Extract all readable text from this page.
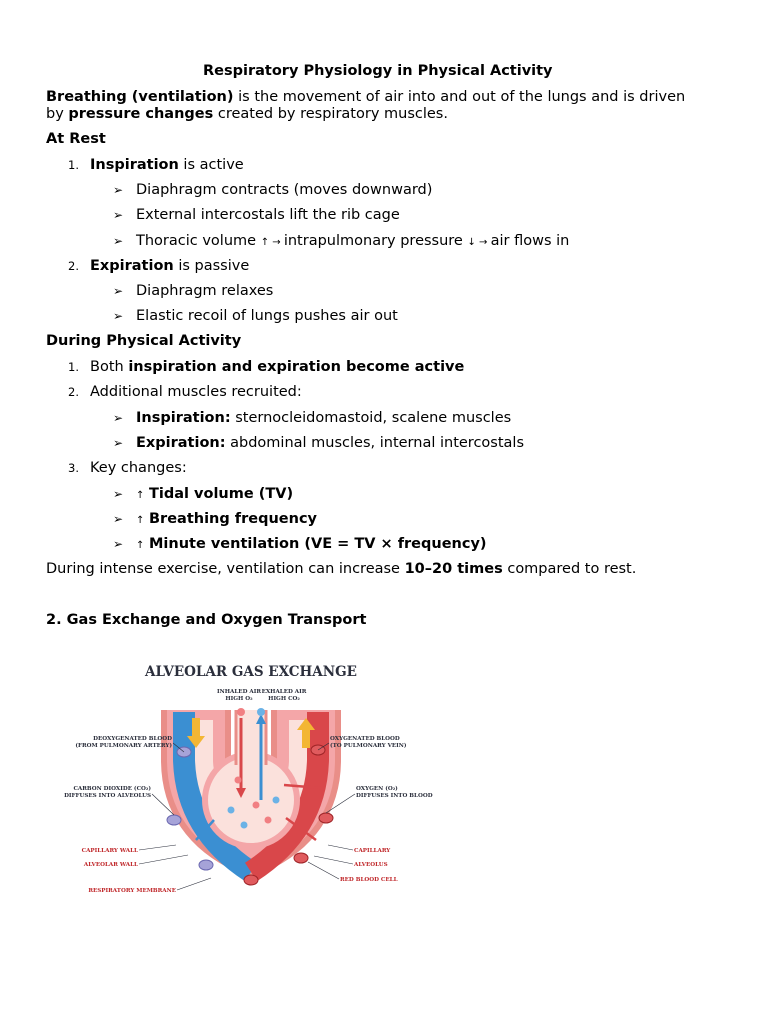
Respiratory Physiology in Physical Activity
Breathing (ventilation) is the movement of air into and out of the lungs and is driven
by pressure changes created by respiratory muscles.
At Rest
1. Inspiration is active
➢ Diaphragm contracts (moves downward)
➢ External intercostals lift the rib cage
➢ Thoracic volume ↑ → intrapulmonary pressure ↓ → air flows in
2. Expiration is passive
➢ Diaphragm relaxes
➢ Elastic recoil of lungs pushes air out
During Physical Activity
1. Both inspiration and expiration become active
2. Additional muscles recruited:
➢ Inspiration: sternocleidomastoid, scalene muscles
➢ Expiration: abdominal muscles, internal intercostals
3. Key changes:
➢ ↑ Tidal volume (TV)
➢ ↑ Breathing frequency
➢ ↑ Minute ventilation (VE = TV × frequency)
During intense exercise, ventilation can increase 10–20 times compared to rest.
2. Gas Exchange and Oxygen Transport
ALVEOLAR GAS EXCHANGE
INHALED AIR
HIGH O₂
EXHALED AIR
HIGH CO₂
DEOXYGENATED BLOOD
(FROM PULMONARY ARTERY)
OXYGENATED BLOOD
(TO PULMONARY VEIN)
CARBON DIOXIDE (CO₂)
DIFFUSES INTO ALVEOLUS
OXYGEN (O₂)
DIFFUSES INTO BLOOD
CAPILLARY WALL
ALVEOLAR WALL
RESPIRATORY MEMBRANE
CAPILLARY
ALVEOLUS
RED BLOOD CELL
